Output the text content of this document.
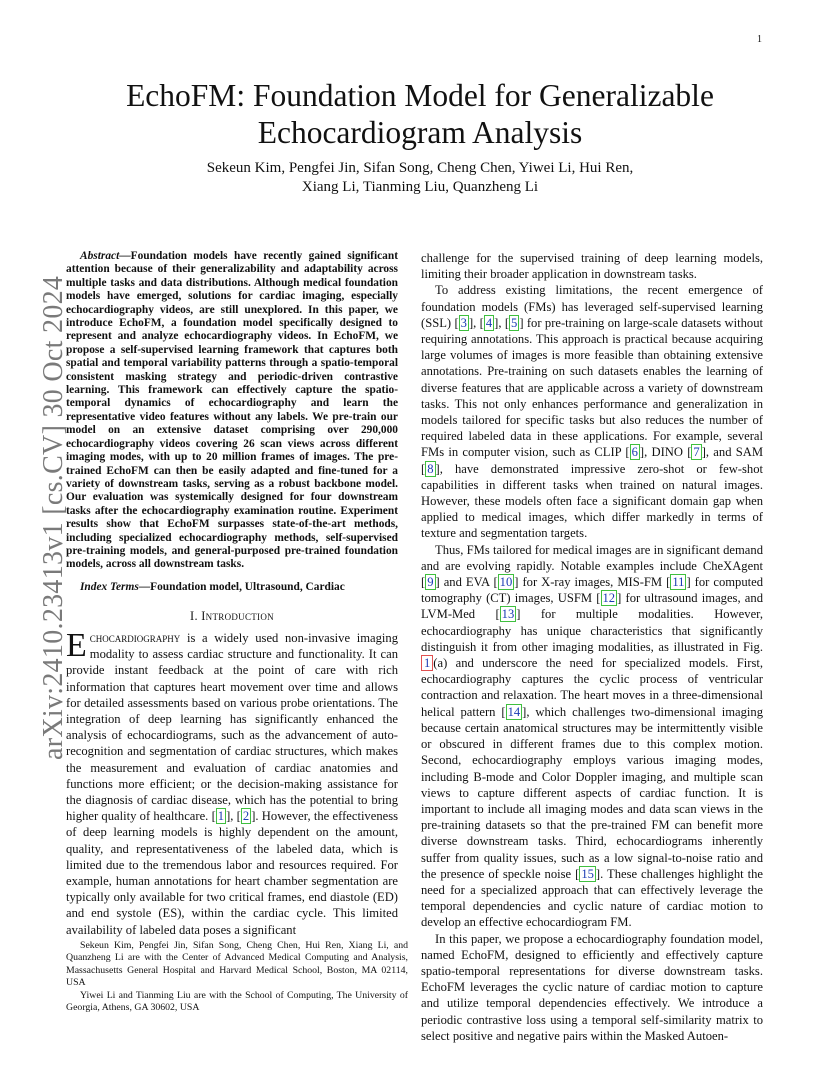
1
arXiv:2410.23413v1 [cs.CV] 30 Oct 2024
EchoFM: Foundation Model for Generalizable
Echocardiogram Analysis
Sekeun Kim, Pengfei Jin, Sifan Song, Cheng Chen, Yiwei Li, Hui Ren,
Xiang Li, Tianming Liu, Quanzheng Li

Abstract—Foundation models have recently gained significant attention because of their generalizability and adaptability across multiple tasks and data distributions. Although medical foundation models have emerged, solutions for cardiac imaging, especially echocardiography videos, are still unexplored. In this paper, we introduce EchoFM, a foundation model specifically designed to represent and analyze echocardiography videos. In EchoFM, we propose a self-supervised learning framework that captures both spatial and temporal variability patterns through a spatio-temporal consistent masking strategy and periodic-driven contrastive learning. This framework can effectively capture the spatio-temporal dynamics of echocardiography and learn the representative video features without any labels. We pre-train our model on an extensive dataset comprising over 290,000 echocardiography videos covering 26 scan views across different imaging modes, with up to 20 million frames of images. The pre-trained EchoFM can then be easily adapted and fine-tuned for a variety of downstream tasks, serving as a robust backbone model. Our evaluation was systemically designed for four downstream tasks after the echocardiography examination routine. Experiment results show that EchoFM surpasses state-of-the-art methods, including specialized echocardiography methods, self-supervised pre-training models, and general-purposed pre-trained foundation models, across all downstream tasks.

Index Terms—Foundation model, Ultrasound, Cardiac

I. Introduction

Echocardiography is a widely used non-invasive imaging modality to assess cardiac structure and functionality. It can provide instant feedback at the point of care with rich information that captures heart movement over time and allows for detailed assessments based on various probe orientations. The integration of deep learning has significantly enhanced the analysis of echocardiograms, such as the advancement of auto-recognition and segmentation of cardiac structures, which makes the measurement and evaluation of cardiac anatomies and functions more efficient; or the decision-making assistance for the diagnosis of cardiac disease, which has the potential to bring higher quality of healthcare. [ 1 ], [ 2 ]. However, the effectiveness of deep learning models is highly dependent on the amount, quality, and representativeness of the labeled data, which is limited due to the tremendous labor and resources required. For example, human annotations for heart chamber segmentation are typically only available for two critical frames, end diastole (ED) and end systole (ES), within the cardiac cycle. This limited availability of labeled data poses a significant

challenge for the supervised training of deep learning models, limiting their broader application in downstream tasks.

To address existing limitations, the recent emergence of foundation models (FMs) has leveraged self-supervised learning (SSL) [ 3 ], [ 4 ], [ 5 ] for pre-training on large-scale datasets without requiring annotations. This approach is practical because acquiring large volumes of images is more feasible than obtaining extensive annotations. Pre-training on such datasets enables the learning of diverse features that are applicable across a variety of downstream tasks. This not only enhances performance and generalization in models tailored for specific tasks but also reduces the number of required labeled data in these applications. For example, several FMs in computer vision, such as CLIP [ 6 ], DINO [ 7 ], and SAM [ 8 ], have demonstrated impressive zero-shot or few-shot capabilities in different tasks when trained on natural images. However, these models often face a significant domain gap when applied to medical images, which differ markedly in terms of texture and segmentation targets.

Thus, FMs tailored for medical images are in significant demand and are evolving rapidly. Notable examples include CheXAgent [ 9 ] and EVA [ 10 ] for X-ray images, MIS-FM [ 11 ] for computed tomography (CT) images, USFM [ 12 ] for ultrasound images, and LVM-Med [ 13 ] for multiple modalities. However, echocardiography has unique characteristics that significantly distinguish it from other imaging modalities, as illustrated in Fig. 1 (a) and underscore the need for specialized models. First, echocardiography captures the cyclic process of ventricular contraction and relaxation. The heart moves in a three-dimensional helical pattern [ 14 ], which challenges two-dimensional imaging because certain anatomical structures may be intermittently visible or obscured in different frames due to this complex motion. Second, echocardiography employs various imaging modes, including B-mode and Color Doppler imaging, and multiple scan views to capture different aspects of cardiac function. It is important to include all imaging modes and data scan views in the pre-training datasets so that the pre-trained FM can benefit more diverse downstream tasks. Third, echocardiograms inherently suffer from quality issues, such as a low signal-to-noise ratio and the presence of speckle noise [ 15 ]. These challenges highlight the need for a specialized approach that can effectively leverage the temporal dependencies and cyclic nature of cardiac motion to develop an effective echocardiogram FM.

In this paper, we propose a echocardiography foundation model, named EchoFM, designed to efficiently and effectively capture spatio-temporal representations for diverse downstream tasks. EchoFM leverages the cyclic nature of cardiac motion to capture and utilize temporal dependencies effectively. We introduce a periodic contrastive loss using a temporal self-similarity matrix to select positive and negative pairs within the Masked Autoen-

Sekeun Kim, Pengfei Jin, Sifan Song, Cheng Chen, Hui Ren, Xiang Li, and Quanzheng Li are with the Center of Advanced Medical Computing and Analysis, Massachusetts General Hospital and Harvard Medical School, Boston, MA 02114, USA

Yiwei Li and Tianming Liu are with the School of Computing, The University of Georgia, Athens, GA 30602, USA
